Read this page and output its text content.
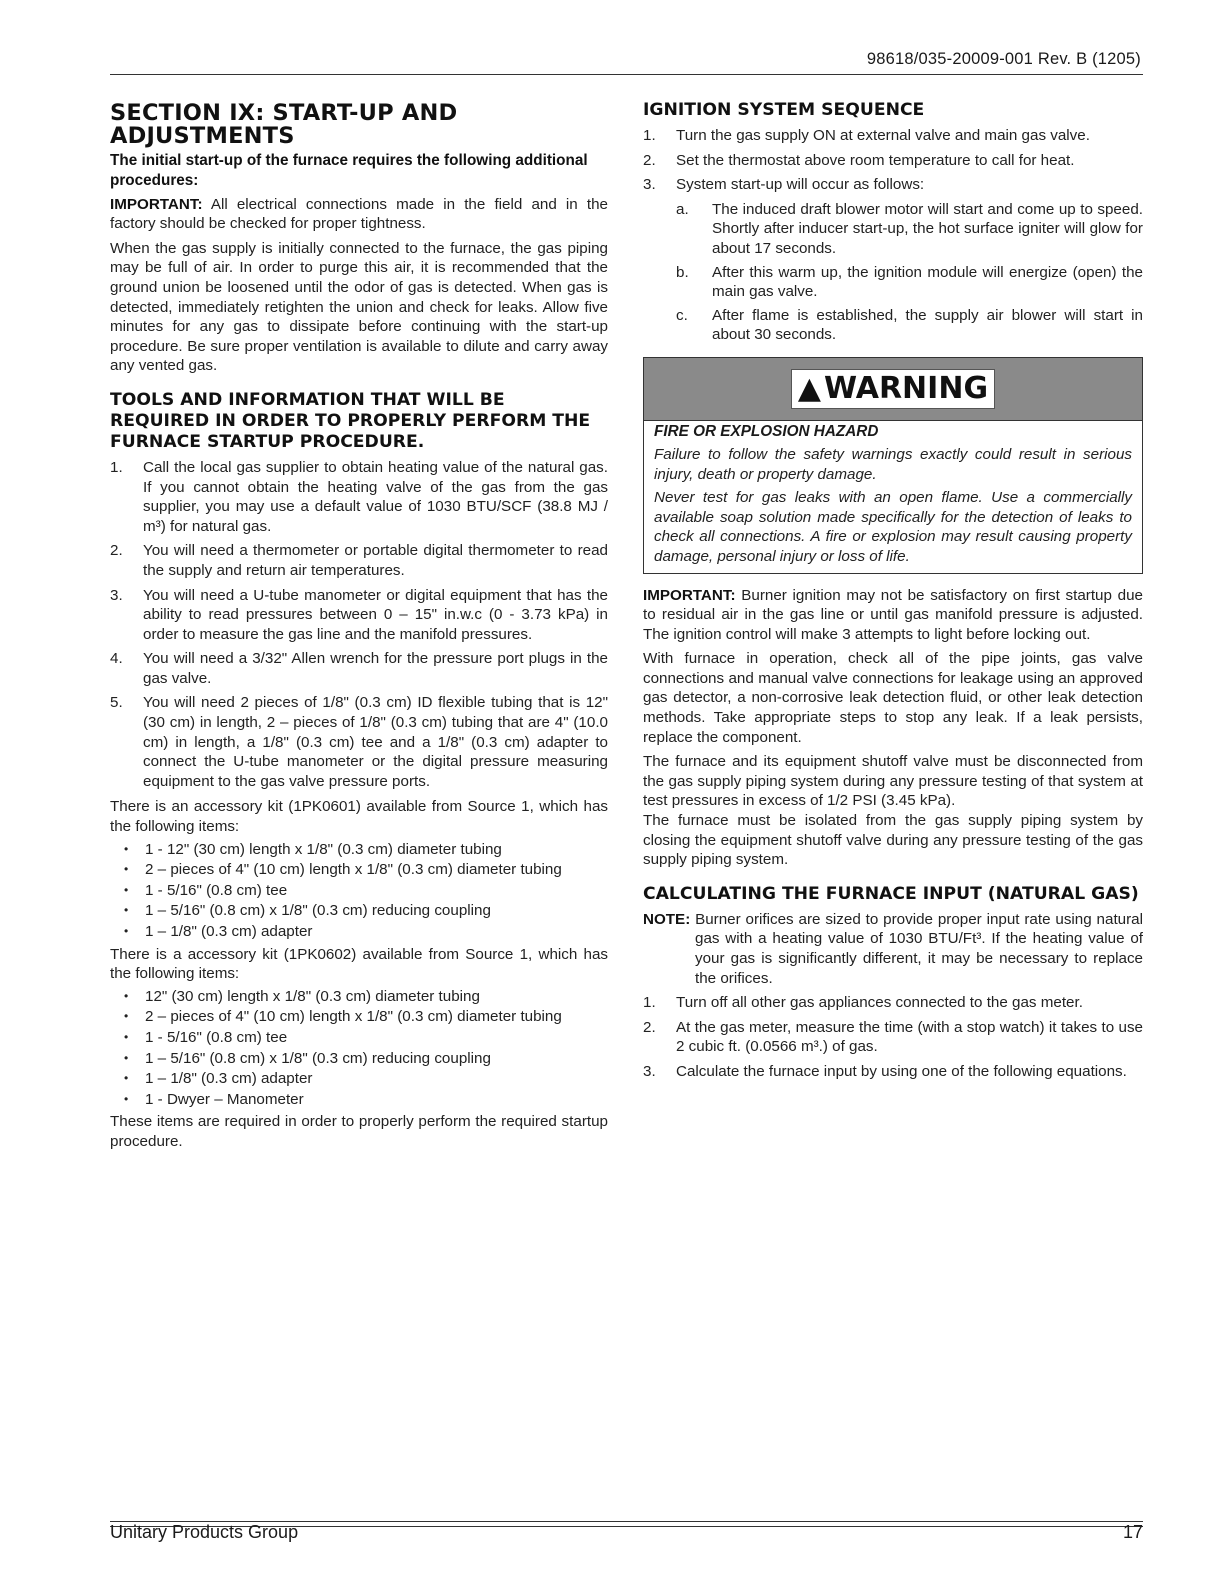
98618/035-20009-001 Rev. B (1205)
SECTION IX: START-UP AND ADJUSTMENTS

The initial start-up of the furnace requires the following additional procedures:

IMPORTANT: All electrical connections made in the field and in the factory should be checked for proper tightness.

When the gas supply is initially connected to the furnace, the gas piping may be full of air. In order to purge this air, it is recommended that the ground union be loosened until the odor of gas is detected. When gas is detected, immediately retighten the union and check for leaks. Allow five minutes for any gas to dissipate before continuing with the start-up procedure. Be sure proper ventilation is available to dilute and carry away any vented gas.

TOOLS AND INFORMATION THAT WILL BE REQUIRED IN ORDER TO PROPERLY PERFORM THE FURNACE STARTUP PROCEDURE.
1. Call the local gas supplier to obtain heating value of the natural gas. If you cannot obtain the heating valve of the gas from the gas supplier, you may use a default value of 1030 BTU/SCF (38.8 MJ / m³) for natural gas.
2. You will need a thermometer or portable digital thermometer to read the supply and return air temperatures.
3. You will need a U-tube manometer or digital equipment that has the ability to read pressures between 0 – 15" in.w.c (0 - 3.73 kPa) in order to measure the gas line and the manifold pressures.
4. You will need a 3/32" Allen wrench for the pressure port plugs in the gas valve.
5. You will need 2 pieces of 1/8" (0.3 cm) ID flexible tubing that is 12" (30 cm) in length, 2 – pieces of 1/8" (0.3 cm) tubing that are 4" (10.0 cm) in length, a 1/8" (0.3 cm) tee and a 1/8" (0.3 cm) adapter to connect the U-tube manometer or the digital pressure measuring equipment to the gas valve pressure ports.

There is an accessory kit (1PK0601) available from Source 1, which has the following items:

• 1 - 12" (30 cm) length x 1/8" (0.3 cm) diameter tubing
• 2 – pieces of 4" (10 cm) length x 1/8" (0.3 cm) diameter tubing
• 1 - 5/16" (0.8 cm) tee
• 1 – 5/16" (0.8 cm) x 1/8" (0.3 cm) reducing coupling
• 1 – 1/8" (0.3 cm) adapter

There is a accessory kit (1PK0602) available from Source 1, which has the following items:

• 12" (30 cm) length x 1/8" (0.3 cm) diameter tubing
• 2 – pieces of 4" (10 cm) length x 1/8" (0.3 cm) diameter tubing
• 1 - 5/16" (0.8 cm) tee
• 1 – 5/16" (0.8 cm) x 1/8" (0.3 cm) reducing coupling
• 1 – 1/8" (0.3 cm) adapter
• 1 - Dwyer – Manometer

These items are required in order to properly perform the required startup procedure.

IGNITION SYSTEM SEQUENCE
1. Turn the gas supply ON at external valve and main gas valve.
2. Set the thermostat above room temperature to call for heat.
3. System start-up will occur as follows:
a. The induced draft blower motor will start and come up to speed. Shortly after inducer start-up, the hot surface igniter will glow for about 17 seconds.
b. After this warm up, the ignition module will energize (open) the main gas valve.
c. After flame is established, the supply air blower will start in about 30 seconds.
▲ WARNING

FIRE OR EXPLOSION HAZARD

Failure to follow the safety warnings exactly could result in serious injury, death or property damage.

Never test for gas leaks with an open flame. Use a commercially available soap solution made specifically for the detection of leaks to check all connections. A fire or explosion may result causing property damage, personal injury or loss of life.

IMPORTANT: Burner ignition may not be satisfactory on first startup due to residual air in the gas line or until gas manifold pressure is adjusted. The ignition control will make 3 attempts to light before locking out.

With furnace in operation, check all of the pipe joints, gas valve connections and manual valve connections for leakage using an approved gas detector, a non-corrosive leak detection fluid, or other leak detection methods. Take appropriate steps to stop any leak. If a leak persists, replace the component.

The furnace and its equipment shutoff valve must be disconnected from the gas supply piping system during any pressure testing of that system at test pressures in excess of 1/2 PSI (3.45 kPa).

The furnace must be isolated from the gas supply piping system by closing the equipment shutoff valve during any pressure testing of the gas supply piping system.

CALCULATING THE FURNACE INPUT (NATURAL GAS)

NOTE: Burner orifices are sized to provide proper input rate using natural gas with a heating value of 1030 BTU/Ft³. If the heating value of your gas is significantly different, it may be necessary to replace the orifices.

1. Turn off all other gas appliances connected to the gas meter.
2. At the gas meter, measure the time (with a stop watch) it takes to use 2 cubic ft. (0.0566 m³.) of gas.
3. Calculate the furnace input by using one of the following equations.
Unitary Products Group	17
